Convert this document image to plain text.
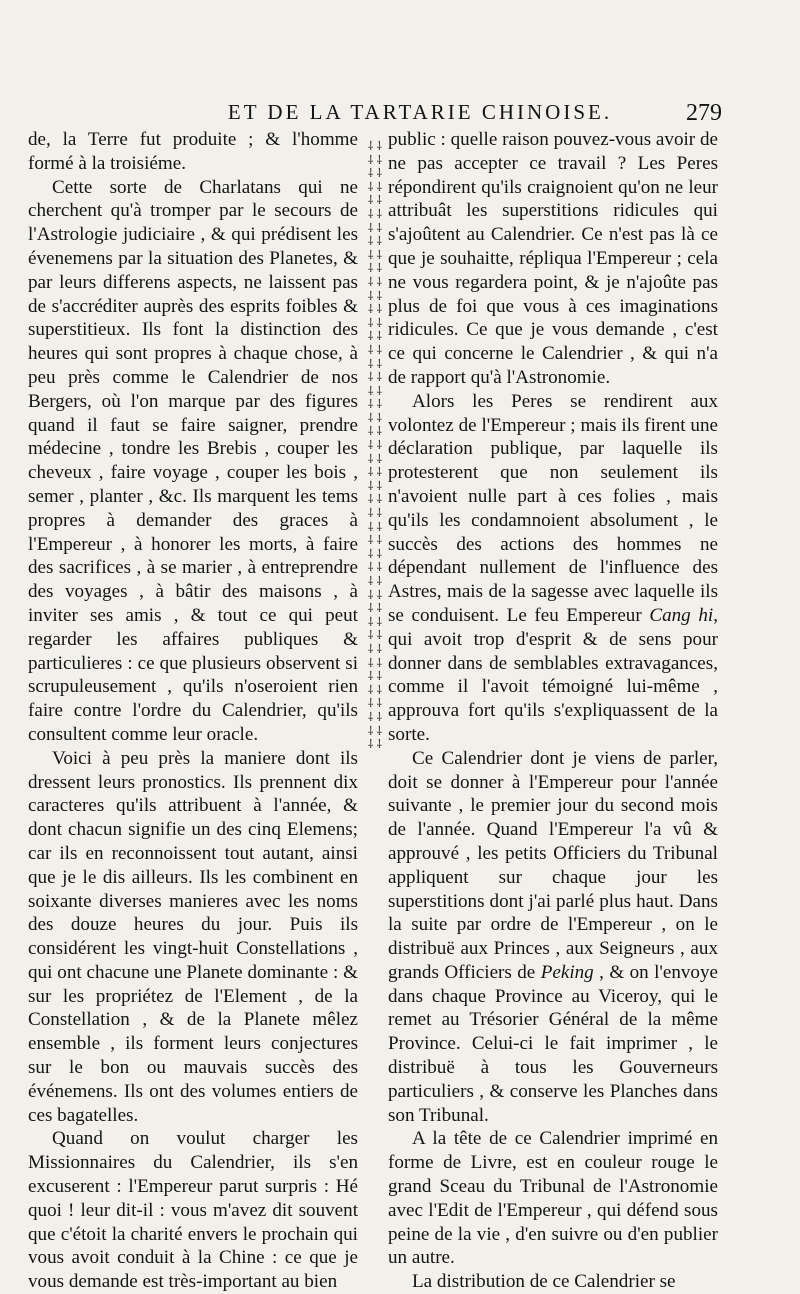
ET DE LA TARTARIE CHINOISE.	279

de, la Terre fut produite ; & l'homme formé à la troisiéme.

Cette sorte de Charlatans qui ne cherchent qu'à tromper par le secours de l'Astrologie judiciaire , & qui prédisent les évenemens par la situation des Planetes, & par leurs differens aspects, ne laissent pas de s'accréditer auprès des esprits foibles & superstitieux. Ils font la distinction des heures qui sont propres à chaque chose, à peu près comme le Calendrier de nos Bergers, où l'on marque par des figures quand il faut se faire saigner, prendre médecine , tondre les Brebis , couper les cheveux , faire voyage , couper les bois , semer , planter , &c. Ils marquent les tems propres à demander des graces à l'Empereur , à honorer les morts, à faire des sacrifices , à se marier , à entreprendre des voyages , à bâtir des maisons , à inviter ses amis , & tout ce qui peut regarder les affaires publiques & particulieres : ce que plusieurs observent si scrupuleusement , qu'ils n'oseroient rien faire contre l'ordre du Calendrier, qu'ils consultent comme leur oracle.

Voici à peu près la maniere dont ils dressent leurs pronostics. Ils prennent dix caracteres qu'ils attribuent à l'année, & dont chacun signifie un des cinq Elemens; car ils en reconnoissent tout autant, ainsi que je le dis ailleurs. Ils les combinent en soixante diverses manieres avec les noms des douze heures du jour. Puis ils considérent les vingt-huit Constellations , qui ont chacune une Planete dominante : & sur les propriétez de l'Element , de la Constellation , & de la Planete mêlez ensemble , ils forment leurs conjectures sur le bon ou mauvais succès des événemens. Ils ont des volumes entiers de ces bagatelles.

Quand on voulut charger les Missionnaires du Calendrier, ils s'en excuserent : l'Empereur parut surpris : Hé quoi ! leur dit-il : vous m'avez dit souvent que c'étoit la charité envers le prochain qui vous avoit conduit à la Chine : ce que je vous demande est très-important au bien

⸸ ⸸ ⸸ ⸸ ⸸ ⸸ ⸸ ⸸ ⸸ ⸸ ⸸ ⸸ ⸸ ⸸ ⸸ ⸸ ⸸ ⸸ ⸸ ⸸ ⸸ ⸸ ⸸ ⸸ ⸸ ⸸ ⸸ ⸸ ⸸ ⸸ ⸸ ⸸ ⸸ ⸸ ⸸ ⸸ ⸸ ⸸ ⸸ ⸸ ⸸ ⸸ ⸸ ⸸ ⸸ ⸸ ⸸ ⸸ ⸸ ⸸ ⸸ ⸸ ⸸ ⸸ ⸸ ⸸ ⸸ ⸸ ⸸ ⸸ ⸸ ⸸ ⸸ ⸸ ⸸ ⸸ ⸸ ⸸ ⸸ ⸸ ⸸ ⸸ ⸸ ⸸ ⸸ ⸸ ⸸ ⸸ ⸸ ⸸ ⸸ ⸸ ⸸ ⸸ ⸸ ⸸ ⸸ ⸸ ⸸ ⸸

public : quelle raison pouvez-vous avoir de ne pas accepter ce travail ? Les Peres répondirent qu'ils craignoient qu'on ne leur attribuât les superstitions ridicules qui s'ajoûtent au Calendrier. Ce n'est pas là ce que je souhaitte, répliqua l'Empereur ; cela ne vous regardera point, & je n'ajoûte pas plus de foi que vous à ces imaginations ridicules. Ce que je vous demande , c'est ce qui concerne le Calendrier , & qui n'a de rapport qu'à l'Astronomie.

Alors les Peres se rendirent aux volontez de l'Empereur ; mais ils firent une déclaration publique, par laquelle ils protesterent que non seulement ils n'avoient nulle part à ces folies , mais qu'ils les condamnoient absolument , le succès des actions des hommes ne dépendant nullement de l'influence des Astres, mais de la sagesse avec laquelle ils se conduisent. Le feu Empereur Cang hi, qui avoit trop d'esprit & de sens pour donner dans de semblables extravagances, comme il l'avoit témoigné lui-même , approuva fort qu'ils s'expliquassent de la sorte.

Ce Calendrier dont je viens de parler, doit se donner à l'Empereur pour l'année suivante , le premier jour du second mois de l'année. Quand l'Empereur l'a vû & approuvé , les petits Officiers du Tribunal appliquent sur chaque jour les superstitions dont j'ai parlé plus haut. Dans la suite par ordre de l'Empereur , on le distribuë aux Princes , aux Seigneurs , aux grands Officiers de Peking , & on l'envoye dans chaque Province au Viceroy, qui le remet au Trésorier Général de la même Province. Celui-ci le fait imprimer , le distribuë à tous les Gouverneurs particuliers , & conserve les Planches dans son Tribunal.

A la tête de ce Calendrier imprimé en forme de Livre, est en couleur rouge le grand Sceau du Tribunal de l'Astronomie avec l'Edit de l'Empereur , qui défend sous peine de la vie , d'en suivre ou d'en publier un autre.

La distribution de ce Calendrier se
